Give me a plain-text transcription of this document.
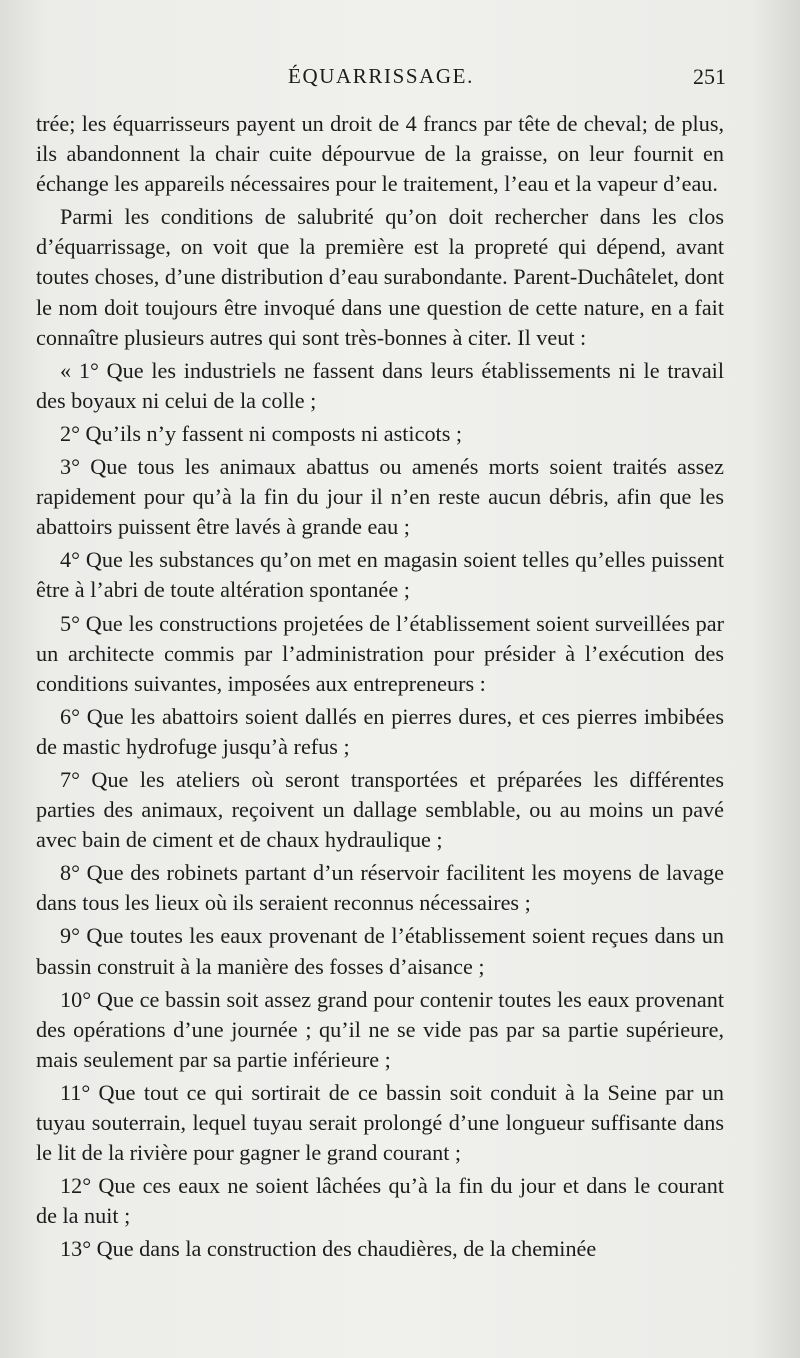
ÉQUARRISSAGE.	251

trée; les équarrisseurs payent un droit de 4 francs par tête de cheval; de plus, ils abandonnent la chair cuite dépourvue de la graisse, on leur fournit en échange les appareils nécessaires pour le traitement, l’eau et la vapeur d’eau.

Parmi les conditions de salubrité qu’on doit rechercher dans les clos d’équarrissage, on voit que la première est la propreté qui dépend, avant toutes choses, d’une distribution d’eau surabondante. Parent-Duchâtelet, dont le nom doit toujours être invoqué dans une question de cette nature, en a fait connaître plusieurs autres qui sont très-bonnes à citer. Il veut :

« 1° Que les industriels ne fassent dans leurs établissements ni le travail des boyaux ni celui de la colle ;

2° Qu’ils n’y fassent ni composts ni asticots ;

3° Que tous les animaux abattus ou amenés morts soient traités assez rapidement pour qu’à la fin du jour il n’en reste aucun débris, afin que les abattoirs puissent être lavés à grande eau ;

4° Que les substances qu’on met en magasin soient telles qu’elles puissent être à l’abri de toute altération spontanée ;

5° Que les constructions projetées de l’établissement soient surveillées par un architecte commis par l’administration pour présider à l’exécution des conditions suivantes, imposées aux entrepreneurs :

6° Que les abattoirs soient dallés en pierres dures, et ces pierres imbibées de mastic hydrofuge jusqu’à refus ;

7° Que les ateliers où seront transportées et préparées les différentes parties des animaux, reçoivent un dallage semblable, ou au moins un pavé avec bain de ciment et de chaux hydraulique ;

8° Que des robinets partant d’un réservoir facilitent les moyens de lavage dans tous les lieux où ils seraient reconnus nécessaires ;

9° Que toutes les eaux provenant de l’établissement soient reçues dans un bassin construit à la manière des fosses d’aisance ;

10° Que ce bassin soit assez grand pour contenir toutes les eaux provenant des opérations d’une journée ; qu’il ne se vide pas par sa partie supérieure, mais seulement par sa partie inférieure ;

11° Que tout ce qui sortirait de ce bassin soit conduit à la Seine par un tuyau souterrain, lequel tuyau serait prolongé d’une longueur suffisante dans le lit de la rivière pour gagner le grand courant ;

12° Que ces eaux ne soient lâchées qu’à la fin du jour et dans le courant de la nuit ;

13° Que dans la construction des chaudières, de la cheminée
